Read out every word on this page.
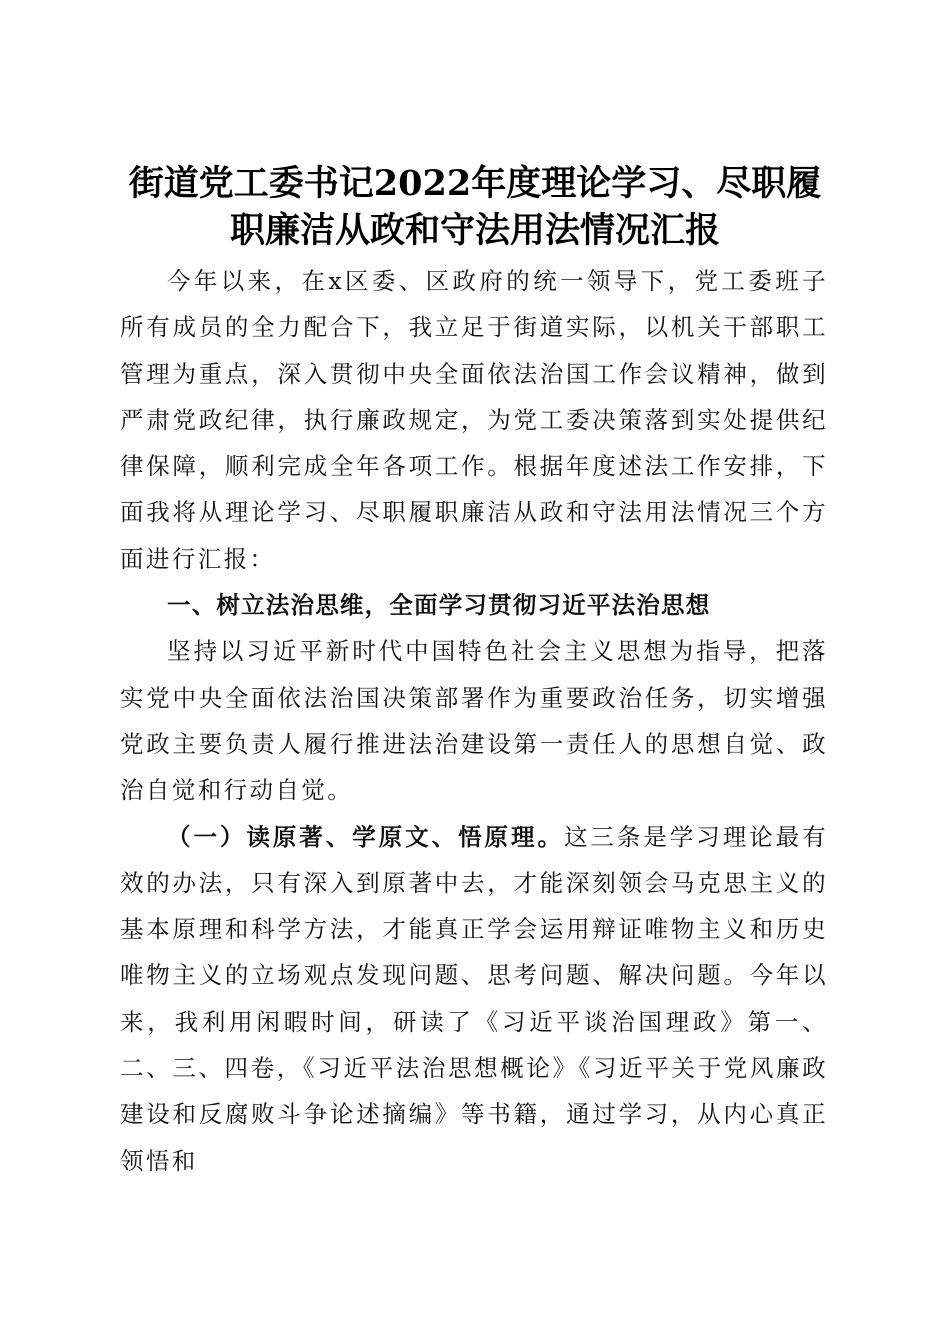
街道党工委书记2022年度理论学习、尽职履
职廉洁从政和守法用法情况汇报

今年以来，在x区委、区政府的统一领导下，党工委班子所有成员的全力配合下，我立足于街道实际，以机关干部职工管理为重点，深入贯彻中央全面依法治国工作会议精神，做到严肃党政纪律，执行廉政规定，为党工委决策落到实处提供纪律保障，顺利完成全年各项工作。根据年度述法工作安排，下面我将从理论学习、尽职履职廉洁从政和守法用法情况三个方面进行汇报：

一、树立法治思维，全面学习贯彻习近平法治思想

坚持以习近平新时代中国特色社会主义思想为指导，把落实党中央全面依法治国决策部署作为重要政治任务，切实增强党政主要负责人履行推进法治建设第一责任人的思想自觉、政治自觉和行动自觉。

（一）读原著、学原文、悟原理。这三条是学习理论最有效的办法，只有深入到原著中去，才能深刻领会马克思主义的基本原理和科学方法，才能真正学会运用辩证唯物主义和历史唯物主义的立场观点发现问题、思考问题、解决问题。今年以来，我利用闲暇时间，研读了《习近平谈治国理政》第一、二、三、四卷，《习近平法治思想概论》《习近平关于党风廉政建设和反腐败斗争论述摘编》等书籍，通过学习，从内心真正领悟和
